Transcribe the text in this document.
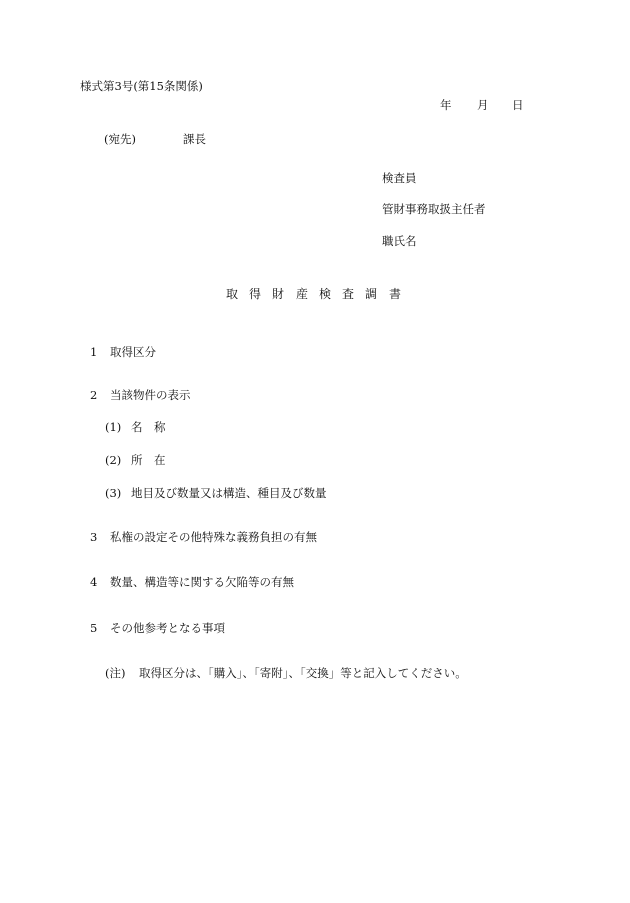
様式第3号(第15条関係)
年 月 日
(宛先)	課長
検査員
管財事務取扱主任者
職氏名
取 得 財 産 検 査 調 書
1 取得区分
2 当該物件の表示
(1) 名　称
(2) 所　在
(3) 地目及び数量又は構造、種目及び数量
3 私権の設定その他特殊な義務負担の有無
4 数量、構造等に関する欠陥等の有無
5 その他参考となる事項
(注) 取得区分は、「購入」、「寄附」、「交換」等と記入してください。
